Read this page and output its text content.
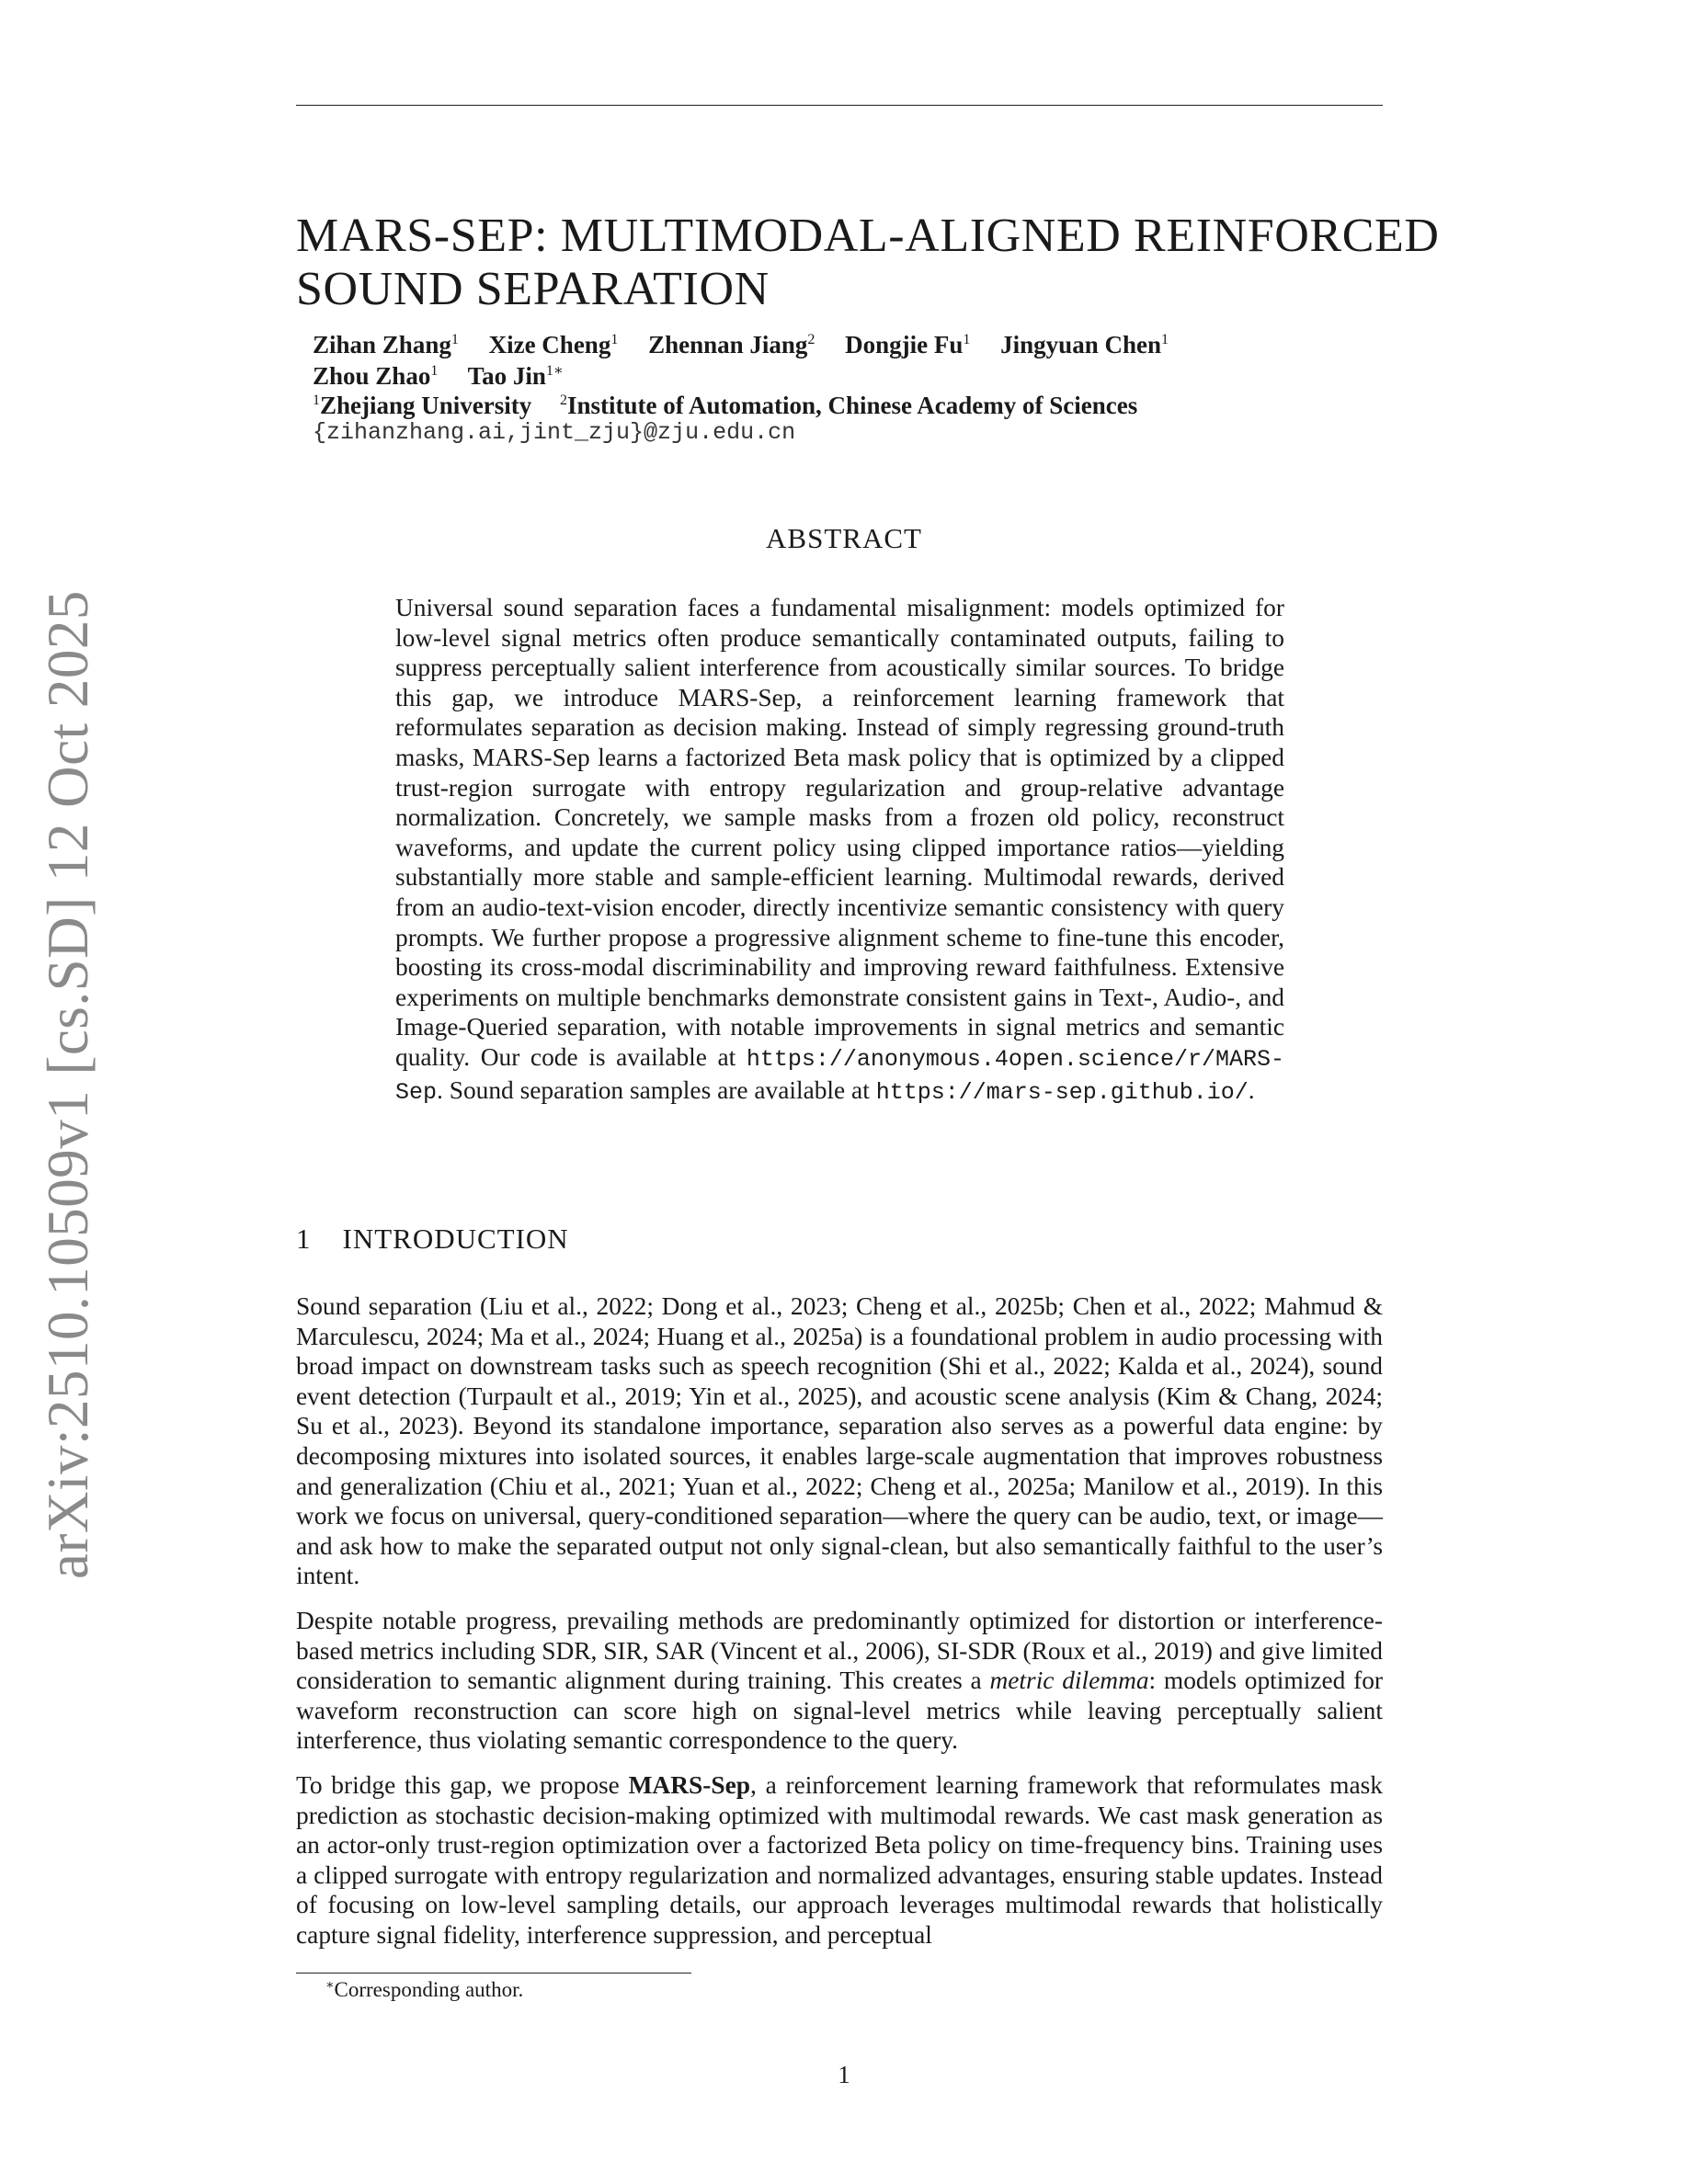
arXiv:2510.10509v1 [cs.SD] 12 Oct 2025
MARS-SEP: MULTIMODAL-ALIGNED REINFORCED
SOUND SEPARATION
Zihan Zhang$^1$ Xize Cheng$^1$ Zhennan Jiang$^2$ Dongjie Fu$^1$ Jingyuan Chen$^1$
Zhou Zhao$^1$ Tao Jin$^{1∗}$
$^1$Zhejiang University $^2$Institute of Automation, Chinese Academy of Sciences
{zihanzhang.ai,jint_zju}@zju.edu.cn
ABSTRACT

Universal sound separation faces a fundamental misalignment: models optimized for low-level signal metrics often produce semantically contaminated outputs, failing to suppress perceptually salient interference from acoustically similar sources. To bridge this gap, we introduce MARS-Sep, a reinforcement learning framework that reformulates separation as decision making. Instead of simply regressing ground-truth masks, MARS-Sep learns a factorized Beta mask policy that is optimized by a clipped trust-region surrogate with entropy regularization and group-relative advantage normalization. Concretely, we sample masks from a frozen old policy, reconstruct waveforms, and update the current policy using clipped importance ratios—yielding substantially more stable and sample-efficient learning. Multimodal rewards, derived from an audio-text-vision encoder, directly incentivize semantic consistency with query prompts. We further propose a progressive alignment scheme to fine-tune this encoder, boosting its cross-modal discriminability and improving reward faithfulness. Extensive experiments on multiple benchmarks demonstrate consistent gains in Text-, Audio-, and Image-Queried separation, with notable improvements in signal metrics and semantic quality. Our code is available at https://anonymous.4open.science/r/MARS-Sep. Sound separation samples are available at https://mars-sep.github.io/.

1 INTRODUCTION

Sound separation (Liu et al., 2022; Dong et al., 2023; Cheng et al., 2025b; Chen et al., 2022; Mahmud & Marculescu, 2024; Ma et al., 2024; Huang et al., 2025a) is a foundational problem in audio processing with broad impact on downstream tasks such as speech recognition (Shi et al., 2022; Kalda et al., 2024), sound event detection (Turpault et al., 2019; Yin et al., 2025), and acoustic scene analysis (Kim & Chang, 2024; Su et al., 2023). Beyond its standalone importance, separation also serves as a powerful data engine: by decomposing mixtures into isolated sources, it enables large-scale augmentation that improves robustness and generalization (Chiu et al., 2021; Yuan et al., 2022; Cheng et al., 2025a; Manilow et al., 2019). In this work we focus on universal, query-conditioned separation—where the query can be audio, text, or image—and ask how to make the separated output not only signal-clean, but also semantically faithful to the user’s intent.

Despite notable progress, prevailing methods are predominantly optimized for distortion or interference-based metrics including SDR, SIR, SAR (Vincent et al., 2006), SI-SDR (Roux et al., 2019) and give limited consideration to semantic alignment during training. This creates a metric dilemma: models optimized for waveform reconstruction can score high on signal-level metrics while leaving perceptually salient interference, thus violating semantic correspondence to the query.

To bridge this gap, we propose MARS-Sep, a reinforcement learning framework that reformulates mask prediction as stochastic decision-making optimized with multimodal rewards. We cast mask generation as an actor-only trust-region optimization over a factorized Beta policy on time-frequency bins. Training uses a clipped surrogate with entropy regularization and normalized advantages, ensuring stable updates. Instead of focusing on low-level sampling details, our approach leverages multimodal rewards that holistically capture signal fidelity, interference suppression, and perceptual

∗Corresponding author.
1
